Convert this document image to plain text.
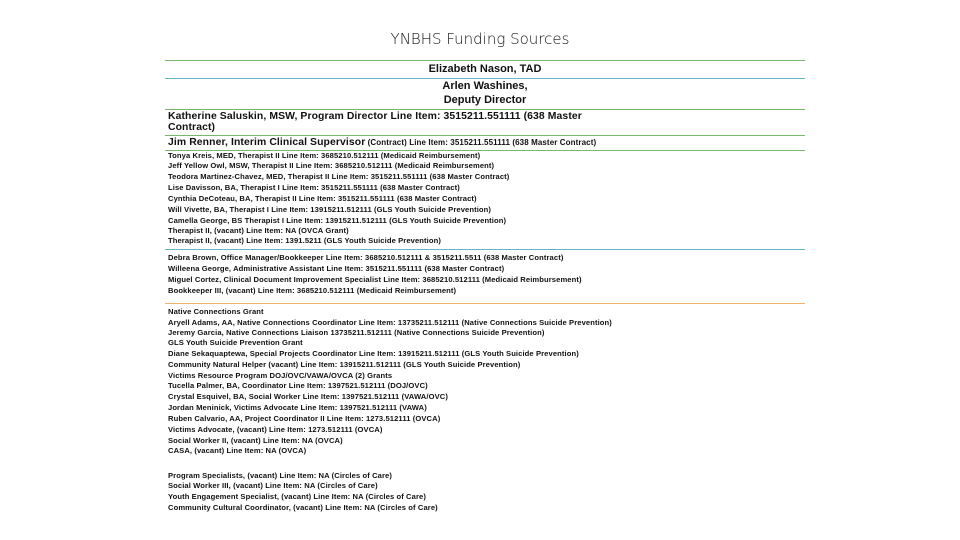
YNBHS Funding Sources
Elizabeth Nason, TAD
Arlen Washines,
Deputy Director
Katherine Saluskin, MSW, Program Director Line Item: 3515211.551111 (638 Master
Contract)
Jim Renner, Interim Clinical Supervisor (Contract) Line Item: 3515211.551111 (638 Master Contract)
Tonya Kreis, MED, Therapist II Line Item: 3685210.512111 (Medicaid Reimbursement)
Jeff Yellow Owl, MSW, Therapist II Line Item: 3685210.512111 (Medicaid Reimbursement)
Teodora Martinez-Chavez, MED, Therapist II Line Item: 3515211.551111 (638 Master Contract)
Lise Davisson, BA, Therapist I Line Item: 3515211.551111 (638 Master Contract)
Cynthia DeCoteau, BA, Therapist II Line Item: 3515211.551111 (638 Master Contract)
Will Vivette, BA, Therapist I Line Item: 13915211.512111 (GLS Youth Suicide Prevention)
Camella George, BS Therapist I Line Item: 13915211.512111 (GLS Youth Suicide Prevention)
Therapist II, (vacant) Line Item: NA (OVCA Grant)
Therapist II, (vacant) Line Item: 1391.5211 (GLS Youth Suicide Prevention)
Debra Brown, Office Manager/Bookkeeper Line Item: 3685210.512111 & 3515211.5511 (638 Master Contract)
Willeena George, Administrative Assistant Line Item: 3515211.551111 (638 Master Contract)
Miguel Cortez, Clinical Document Improvement Specialist Line Item: 3685210.512111 (Medicaid Reimbursement)
Bookkeeper III, (vacant) Line Item: 3685210.512111 (Medicaid Reimbursement)
Native Connections Grant
Aryell Adams, AA, Native Connections Coordinator Line Item: 13735211.512111 (Native Connections Suicide Prevention)
Jeremy Garcia, Native Connections Liaison 13735211.512111 (Native Connections Suicide Prevention)
GLS Youth Suicide Prevention Grant
Diane Sekaquaptewa, Special Projects Coordinator Line Item: 13915211.512111 (GLS Youth Suicide Prevention)
Community Natural Helper (vacant) Line Item: 13915211.512111 (GLS Youth Suicide Prevention)
Victims Resource Program DOJ/OVC/VAWA/OVCA (2) Grants
Tucella Palmer, BA, Coordinator Line Item: 1397521.512111 (DOJ/OVC)
Crystal Esquivel, BA, Social Worker Line Item: 1397521.512111 (VAWA/OVC)
Jordan Meninick, Victims Advocate Line Item: 1397521.512111 (VAWA)
Ruben Calvario, AA, Project Coordinator II Line Item: 1273.512111 (OVCA)
Victims Advocate, (vacant) Line Item: 1273.512111 (OVCA)
Social Worker II, (vacant) Line Item: NA (OVCA)
CASA, (vacant) Line Item: NA (OVCA)
Program Specialists, (vacant) Line Item: NA (Circles of Care)
Social Worker III, (vacant) Line Item: NA (Circles of Care)
Youth Engagement Specialist, (vacant) Line Item: NA (Circles of Care)
Community Cultural Coordinator, (vacant) Line Item: NA (Circles of Care)
